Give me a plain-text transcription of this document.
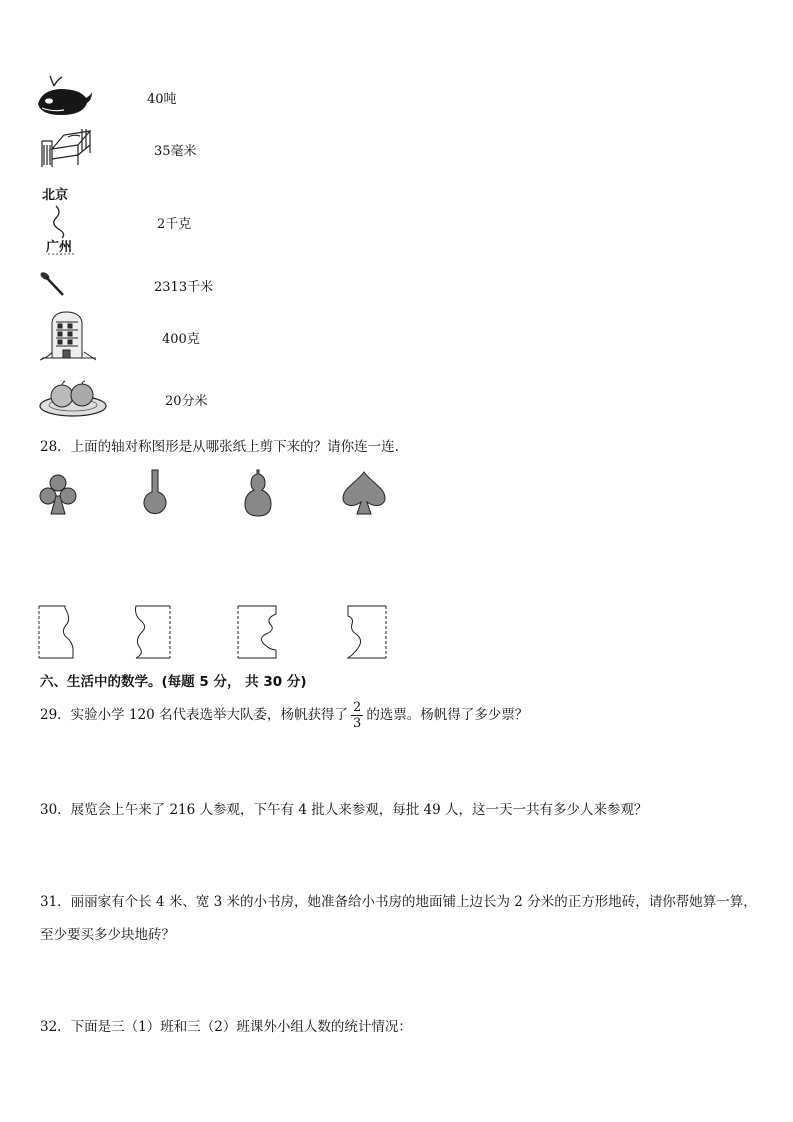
40吨
35毫米
北京
广州
2千克
2313千米
400克
20分米
28．上面的轴对称图形是从哪张纸上剪下来的？请你连一连.
六、生活中的数学。(每题 5 分， 共 30 分)
29．实验小学 120 名代表选举大队委，杨帆获得了 $\frac{2}{3}$ 的选票。杨帆得了多少票？
30．展览会上午来了 216 人参观，下午有 4 批人来参观，每批 49 人，这一天一共有多少人来参观？
31．丽丽家有个长 4 米、宽 3 米的小书房，她准备给小书房的地面铺上边长为 2 分米的正方形地砖，请你帮她算一算，
至少要买多少块地砖？
32．下面是三（1）班和三（2）班课外小组人数的统计情况：
